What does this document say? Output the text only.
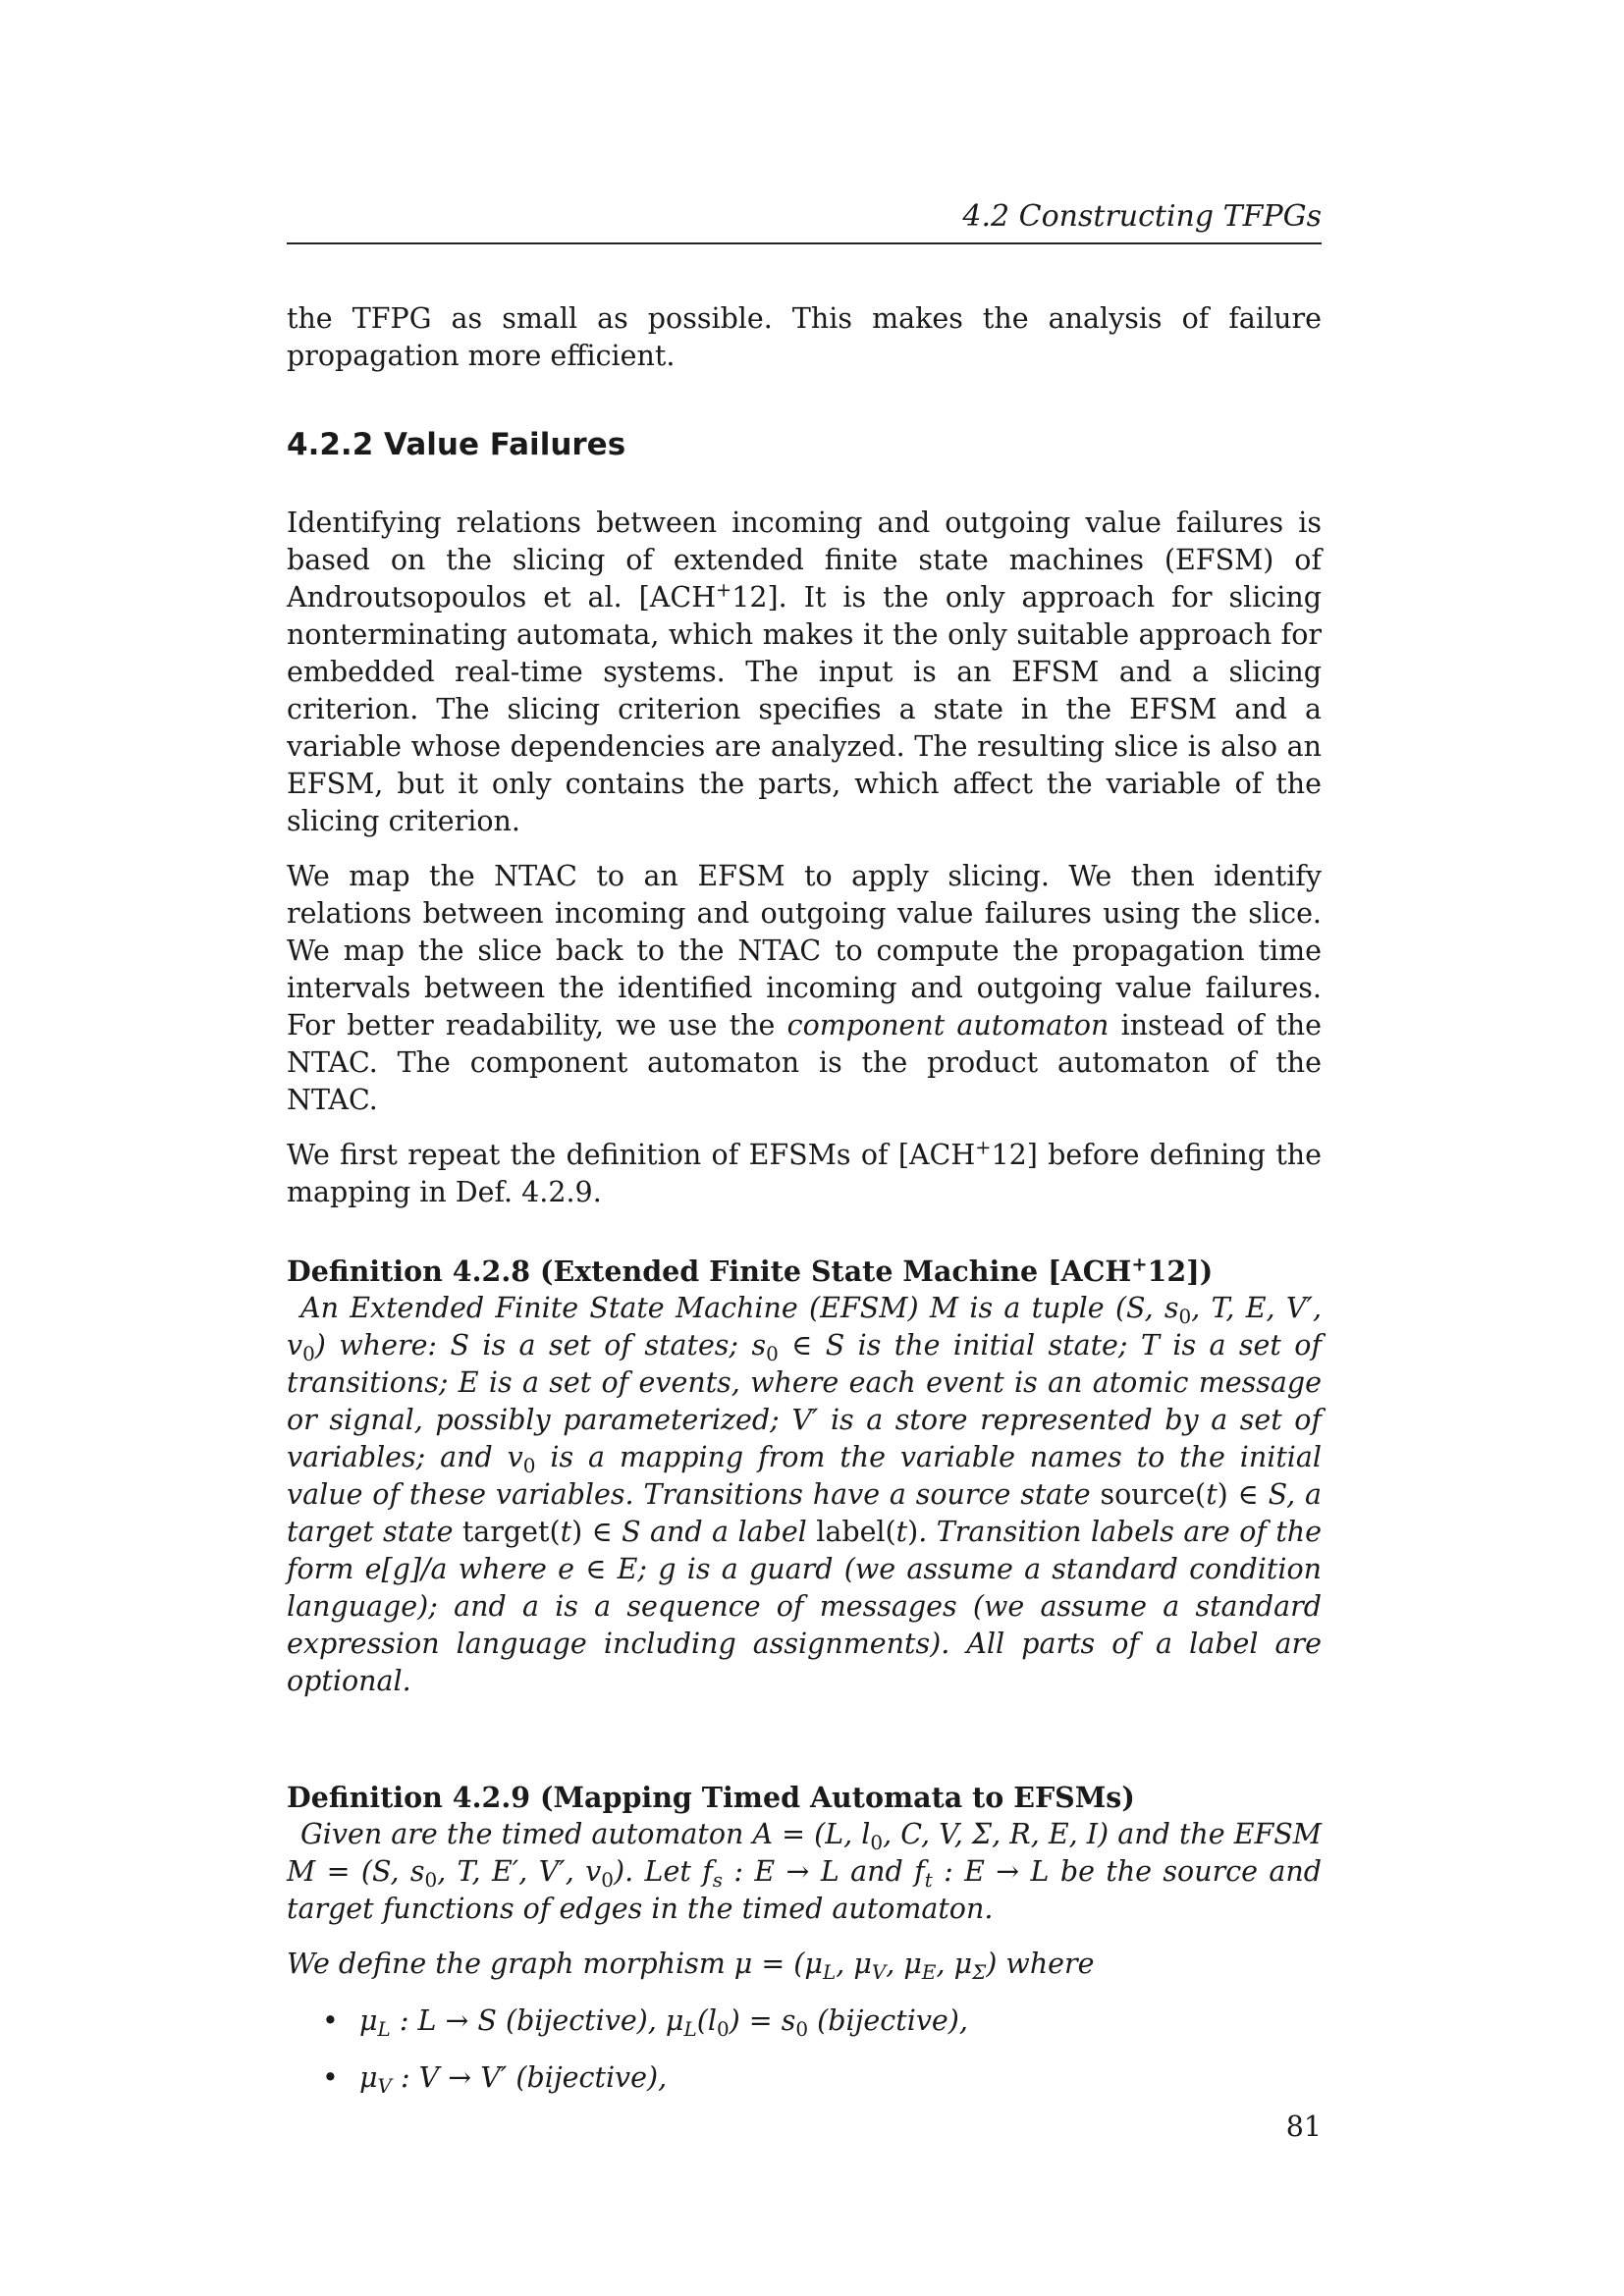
4.2 Constructing TFPGs

the TFPG as small as possible. This makes the analysis of failure propagation more efficient.

4.2.2 Value Failures

Identifying relations between incoming and outgoing value failures is based on the slicing of extended finite state machines (EFSM) of Androutsopoulos et al. [ACH+12]. It is the only approach for slicing nonterminating automata, which makes it the only suitable approach for embedded real-time systems. The input is an EFSM and a slicing criterion. The slicing criterion specifies a state in the EFSM and a variable whose dependencies are analyzed. The resulting slice is also an EFSM, but it only contains the parts, which affect the variable of the slicing criterion.

We map the NTAC to an EFSM to apply slicing. We then identify relations between incoming and outgoing value failures using the slice. We map the slice back to the NTAC to compute the propagation time intervals between the identified incoming and outgoing value failures. For better readability, we use the component automaton instead of the NTAC. The component automaton is the product automaton of the NTAC.

We first repeat the definition of EFSMs of [ACH+12] before defining the mapping in Def. 4.2.9.

Definition 4.2.8 (Extended Finite State Machine [ACH+12])

An Extended Finite State Machine (EFSM) M is a tuple (S, $s_0$, T, E, V′, $v_0$) where: S is a set of states; $s_0$ ∈ S is the initial state; T is a set of transitions; E is a set of events, where each event is an atomic message or signal, possibly parameterized; V′ is a store represented by a set of variables; and $v_0$ is a mapping from the variable names to the initial value of these variables. Transitions have a source state source(t) ∈ S, a target state target(t) ∈ S and a label label(t). Transition labels are of the form e[g]/a where e ∈ E; g is a guard (we assume a standard condition language); and a is a sequence of messages (we assume a standard expression language including assignments). All parts of a label are optional.

Definition 4.2.9 (Mapping Timed Automata to EFSMs)

Given are the timed automaton A = (L, $l_0$, C, V, Σ, R, E, I) and the EFSM M = (S, $s_0$, T, E′, V′, $v_0$). Let $f_s$ : E → L and $f_t$ : E → L be the source and target functions of edges in the timed automaton.

We define the graph morphism $\mu = (\mu_L$, $\mu_V$, $\mu_E$, $\mu_\Sigma$) where

• $\mu_L$ : L → S (bijective), $\mu_L(l_0) = s_0$ (bijective),
• $\mu_V$ : V → V′ (bijective),
81
